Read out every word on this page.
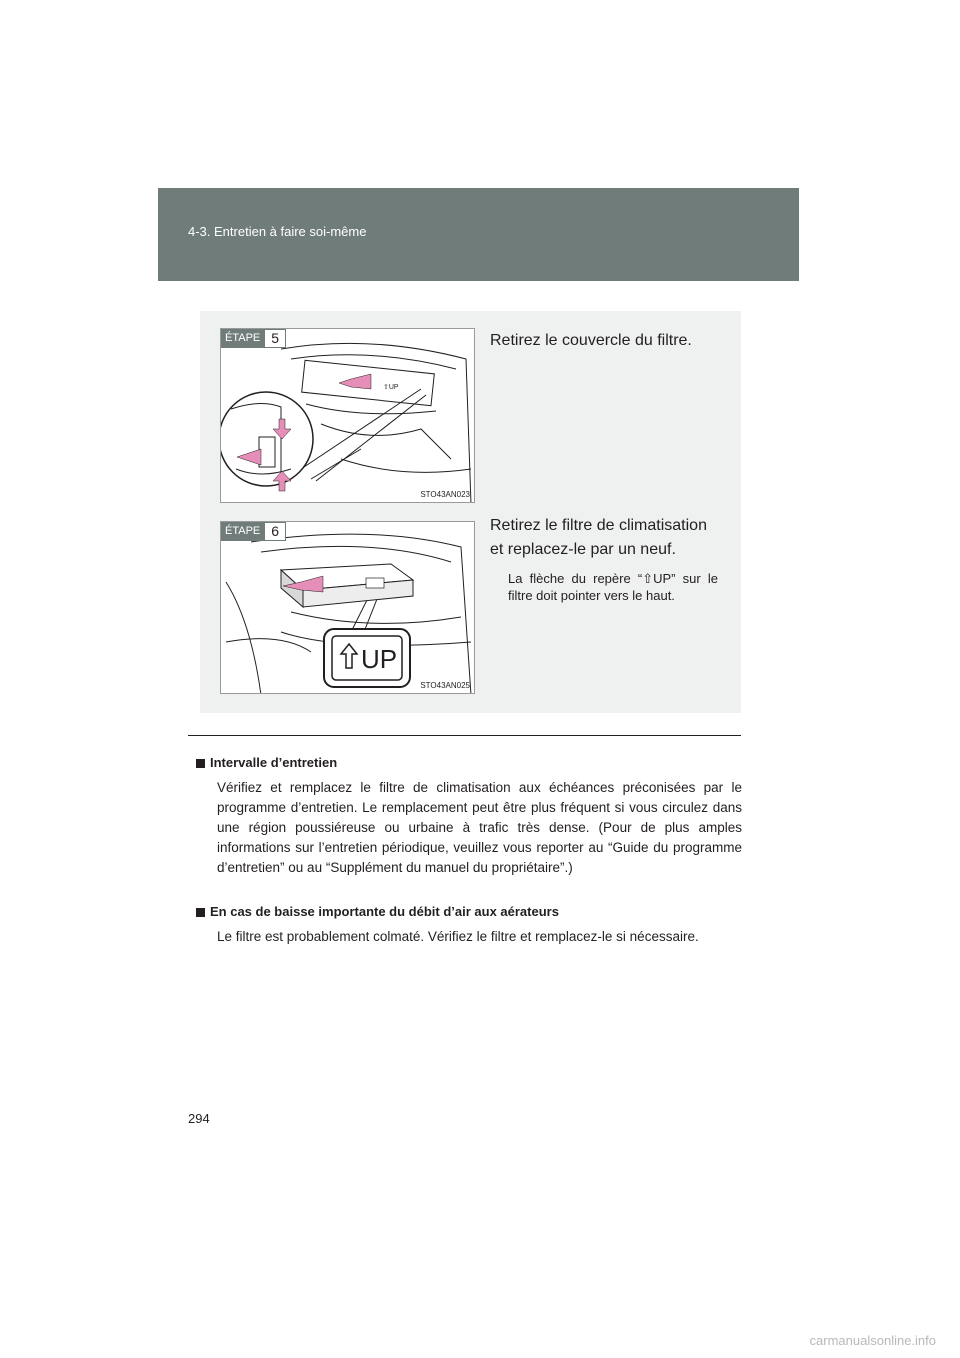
4-3. Entretien à faire soi-même
⇧UP
ÉTAPE 5
STO43AN023
Retirez le couvercle du filtre.
UP
ÉTAPE 6
STO43AN025
Retirez le filtre de climatisation
et replacez-le par un neuf.
La flèche du repère “⇧UP” sur le filtre doit pointer vers le haut.
Intervalle d’entretien
Vérifiez et remplacez le filtre de climatisation aux échéances préconisées par le programme d’entretien. Le remplacement peut être plus fréquent si vous circulez dans une région poussiéreuse ou urbaine à trafic très dense. (Pour de plus amples informations sur l’entretien périodique, veuillez vous reporter au “Guide du programme d’entretien” ou au “Supplément du manuel du propriétaire”.)
En cas de baisse importante du débit d’air aux aérateurs
Le filtre est probablement colmaté. Vérifiez le filtre et remplacez-le si nécessaire.
294
carmanualsonline.info
